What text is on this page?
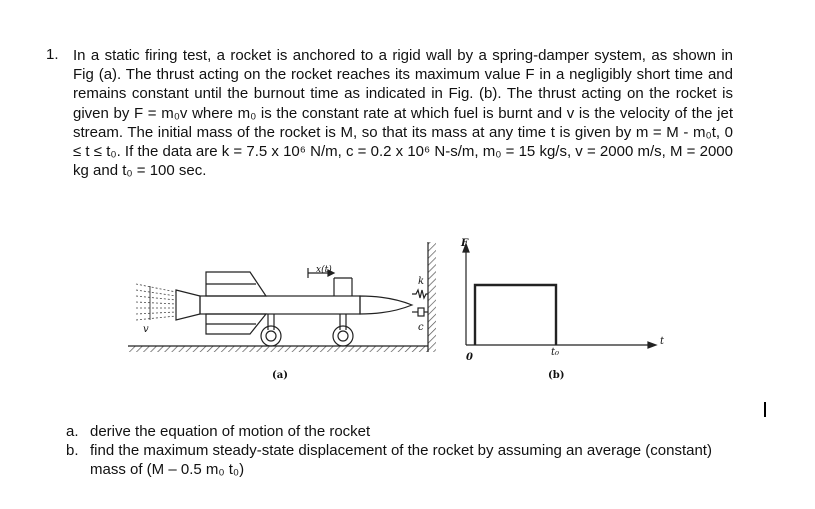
1. In a static firing test, a rocket is anchored to a rigid wall by a spring-damper system, as shown in Fig (a). The thrust acting on the rocket reaches its maximum value F in a negligibly short time and remains constant until the burnout time as indicated in Fig. (b). The thrust acting on the rocket is given by F = m₀v where m₀ is the constant rate at which fuel is burnt and v is the velocity of the jet stream. The initial mass of the rocket is M, so that its mass at any time t is given by m = M - m₀t, 0 ≤ t ≤ t₀. If the data are k = 7.5 x 10⁶ N/m, c = 0.2 x 10⁶ N-s/m, m₀ = 15 kg/s, v = 2000 m/s, M = 2000 kg and t₀ = 100 sec.
x(t)
k
c
v
(a)
F
0	t₀
t
(b)
a. derive the equation of motion of the rocket
b. find the maximum steady-state displacement of the rocket by assuming an average (constant) mass of (M – 0.5 m₀ t₀)
